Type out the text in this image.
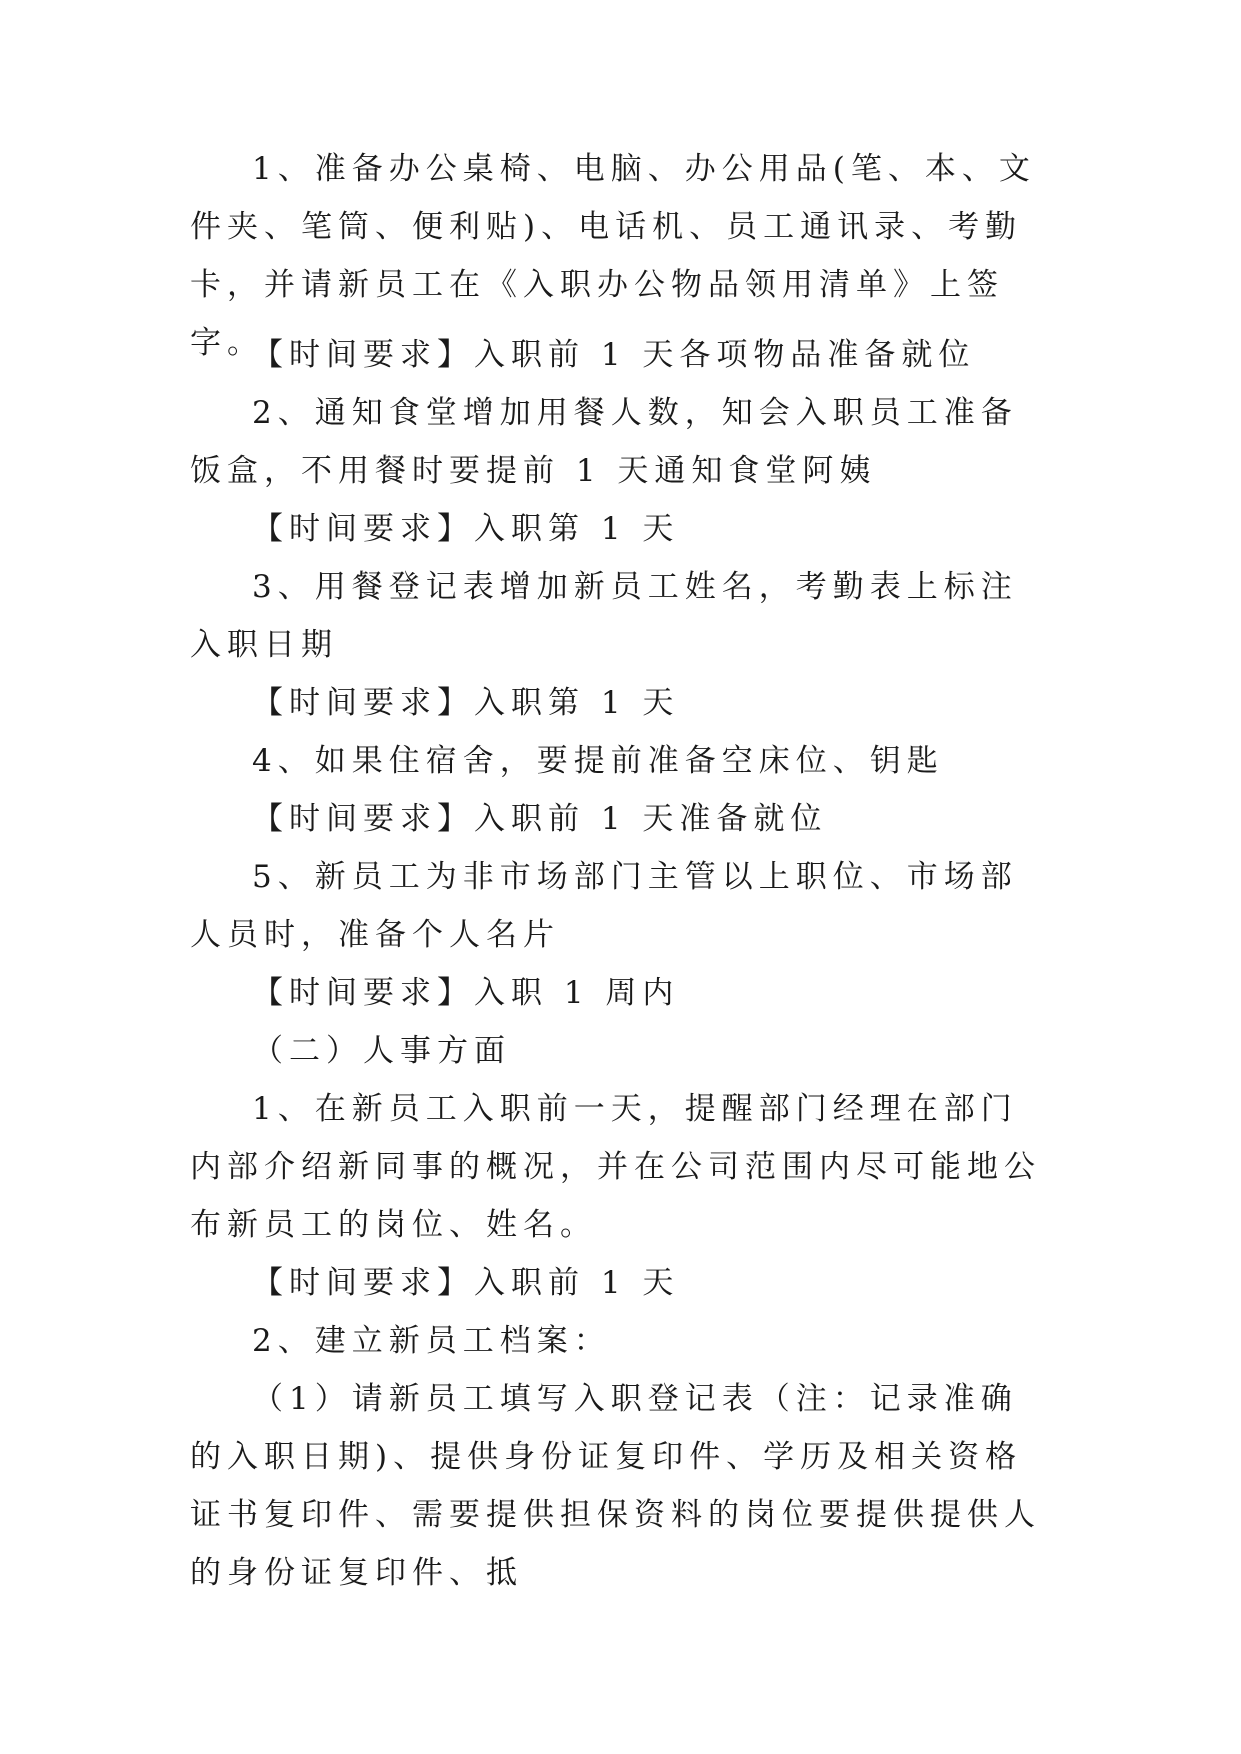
1、准备办公桌椅、电脑、办公用品(笔、本、文件夹、笔筒、便利贴)、电话机、员工通讯录、考勤卡，并请新员工在《入职办公物品领用清单》上签字。

【时间要求】入职前 1 天各项物品准备就位

2、通知食堂增加用餐人数，知会入职员工准备饭盒，不用餐时要提前 1 天通知食堂阿姨

【时间要求】入职第 1 天

3、用餐登记表增加新员工姓名，考勤表上标注入职日期

【时间要求】入职第 1 天

4、如果住宿舍，要提前准备空床位、钥匙

【时间要求】入职前 1 天准备就位

5、新员工为非市场部门主管以上职位、市场部人员时，准备个人名片

【时间要求】入职 1 周内

（二）人事方面

1、在新员工入职前一天，提醒部门经理在部门内部介绍新同事的概况，并在公司范围内尽可能地公布新员工的岗位、姓名。

【时间要求】入职前 1 天

2、建立新员工档案：

（1）请新员工填写入职登记表（注：记录准确的入职日期)、提供身份证复印件、学历及相关资格证书复印件、需要提供担保资料的岗位要提供提供人的身份证复印件、抵
